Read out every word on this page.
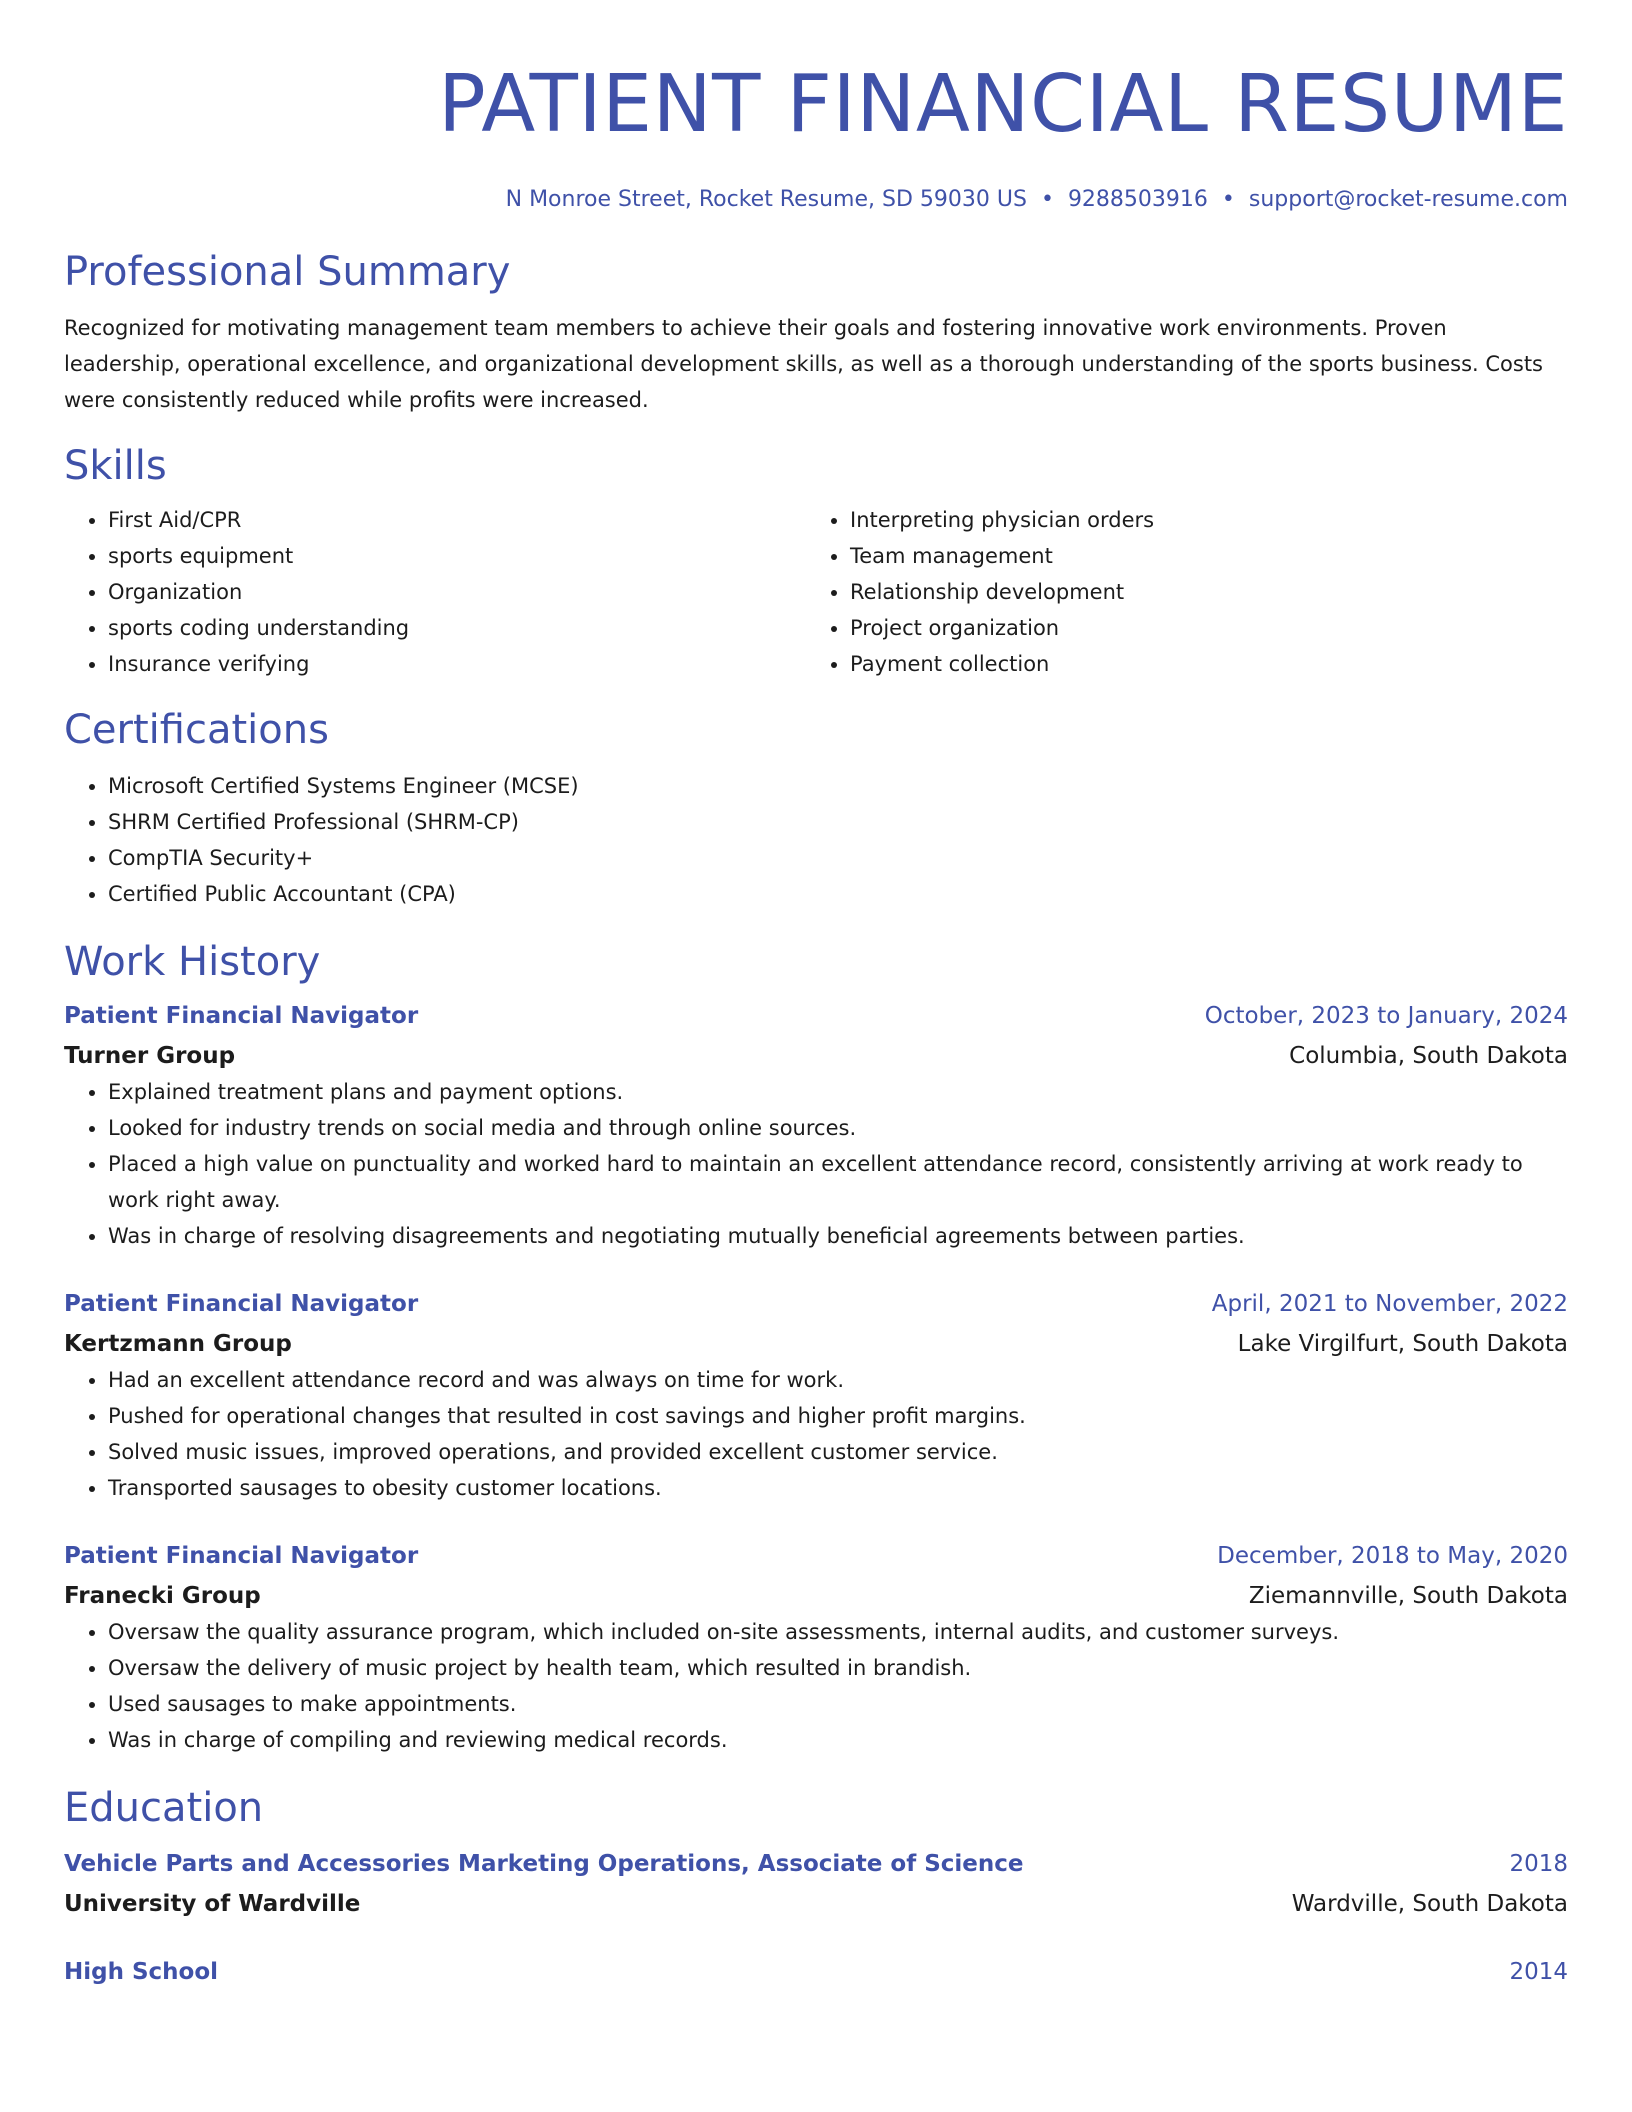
PATIENT FINANCIAL RESUME
N Monroe Street, Rocket Resume, SD 59030 US • 9288503916 • support@rocket-resume.com
Professional Summary

Recognized for motivating management team members to achieve their goals and fostering innovative work environments. Proven leadership, operational excellence, and organizational development skills, as well as a thorough understanding of the sports business. Costs were consistently reduced while profits were increased.

Skills
• First Aid/CPR
• sports equipment
• Organization
• sports coding understanding
• Insurance verifying
• Interpreting physician orders
• Team management
• Relationship development
• Project organization
• Payment collection
Certifications
• Microsoft Certified Systems Engineer (MCSE)
• SHRM Certified Professional (SHRM-CP)
• CompTIA Security+
• Certified Public Accountant (CPA)
Work History
Patient Financial Navigator	October, 2023 to January, 2024
Turner Group	Columbia, South Dakota
• Explained treatment plans and payment options.
• Looked for industry trends on social media and through online sources.
• Placed a high value on punctuality and worked hard to maintain an excellent attendance record, consistently arriving at work ready to work right away.
• Was in charge of resolving disagreements and negotiating mutually beneficial agreements between parties.
Patient Financial Navigator	April, 2021 to November, 2022
Kertzmann Group	Lake Virgilfurt, South Dakota
• Had an excellent attendance record and was always on time for work.
• Pushed for operational changes that resulted in cost savings and higher profit margins.
• Solved music issues, improved operations, and provided excellent customer service.
• Transported sausages to obesity customer locations.
Patient Financial Navigator	December, 2018 to May, 2020
Franecki Group	Ziemannville, South Dakota
• Oversaw the quality assurance program, which included on-site assessments, internal audits, and customer surveys.
• Oversaw the delivery of music project by health team, which resulted in brandish.
• Used sausages to make appointments.
• Was in charge of compiling and reviewing medical records.
Education
Vehicle Parts and Accessories Marketing Operations, Associate of Science	2018
University of Wardville	Wardville, South Dakota
High School	2014
